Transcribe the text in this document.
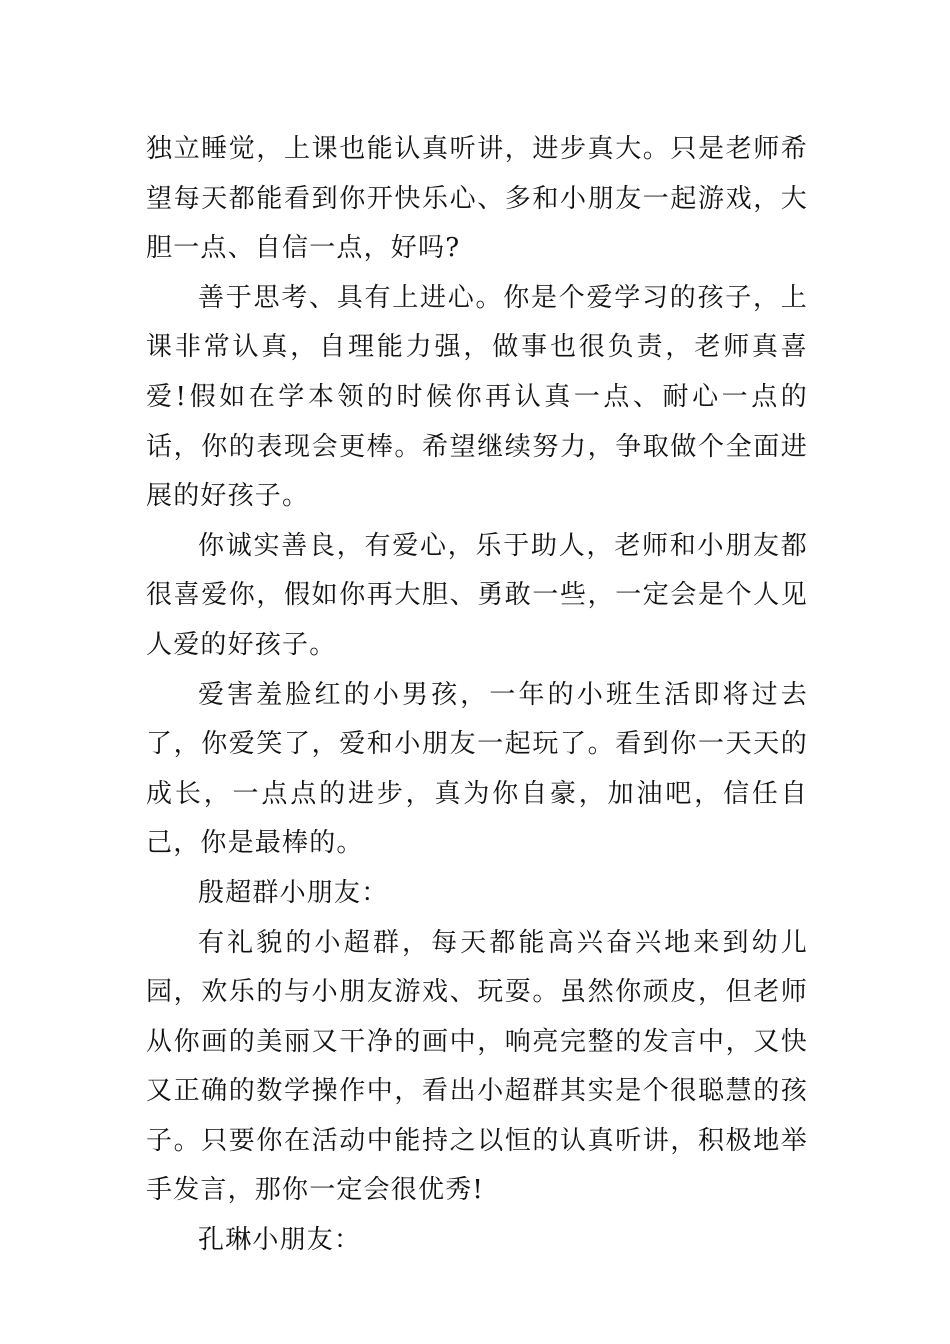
独立睡觉，上课也能认真听讲，进步真大。只是老师希望每天都能看到你开快乐心、多和小朋友一起游戏，大胆一点、自信一点，好吗?

善于思考、具有上进心。你是个爱学习的孩子，上课非常认真，自理能力强，做事也很负责，老师真喜爱!假如在学本领的时候你再认真一点、耐心一点的话，你的表现会更棒。希望继续努力，争取做个全面进展的好孩子。

你诚实善良，有爱心，乐于助人，老师和小朋友都很喜爱你，假如你再大胆、勇敢一些，一定会是个人见人爱的好孩子。

爱害羞脸红的小男孩，一年的小班生活即将过去了，你爱笑了，爱和小朋友一起玩了。看到你一天天的成长，一点点的进步，真为你自豪，加油吧，信任自己，你是最棒的。

殷超群小朋友：

有礼貌的小超群，每天都能高兴奋兴地来到幼儿园，欢乐的与小朋友游戏、玩耍。虽然你顽皮，但老师从你画的美丽又干净的画中，响亮完整的发言中，又快又正确的数学操作中，看出小超群其实是个很聪慧的孩子。只要你在活动中能持之以恒的认真听讲，积极地举手发言，那你一定会很优秀!

孔琳小朋友：
